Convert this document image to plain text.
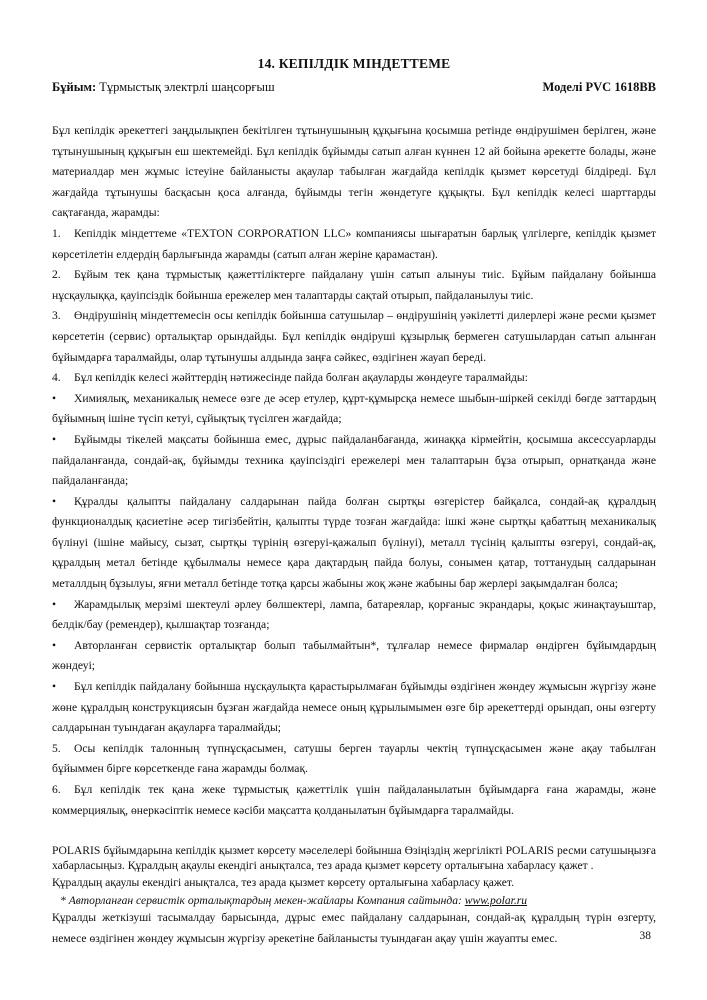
14. КЕПІЛДІК МІНДЕТТЕМЕ
Бұйым: Тұрмыстық электрлі шаңсорғыш	Моделі PVC 1618BB

Бұл кепілдік әрекеттегі заңдылықпен бекітілген тұтынушының құқығына қосымша ретінде өндірушімен берілген, және тұтынушының құқығын еш шектемейді. Бұл кепілдік бұйымды сатып алған күннен 12 ай бойына әрекетте болады, және материалдар мен жұмыс істеуіне байланысты ақаулар табылған жағдайда кепілдік қызмет көрсетуді білдіреді. Бұл жағдайда тұтынушы басқасын қоса алғанда, бұйымды тегін жөндетуге құқықты. Бұл кепілдік келесі шарттарды сақтағанда, жарамды:

1. Кепілдік міндеттеме «TEXTON CORPORATION LLC» компаниясы шығаратын барлық үлгілерге, кепілдік қызмет көрсетілетін елдердің барлығында жарамды (сатып алған жеріне қарамастан).

2. Бұйым тек қана тұрмыстық қажеттіліктерге пайдалану үшін сатып алынуы тиіс. Бұйым пайдалану бойынша нұсқаулыққа, қауіпсіздік бойынша ережелер мен талаптарды сақтай отырып, пайдаланылуы тиіс.

3. Өндірушінің міндеттемесін осы кепілдік бойынша сатушылар – өндірушінің уәкілетті дилерлері және ресми қызмет көрсететін (сервис) орталықтар орындайды. Бұл кепілдік өндіруші құзырлық бермеген сатушылардан сатып алынған бұйымдарға таралмайды, олар тұтынушы алдында заңға сәйкес, өздігінен жауап береді.

4. Бұл кепілдік келесі жәйттердің нәтижесінде пайда болған ақауларды жөндеуге таралмайды:

• Химиялық, механикалық немесе өзге де әсер етулер, құрт-құмырсқа немесе шыбын-шіркей секілді бөгде заттардың бұйымның ішіне түсіп кетуі, сұйықтық түсілген жағдайда;

• Бұйымды тікелей мақсаты бойынша емес, дұрыс пайдаланбағанда, жинаққа кірмейтін, қосымша аксессуарларды пайдаланғанда, сондай-ақ, бұйымды техника қауіпсіздігі ережелері мен талаптарын бұза отырып, орнатқанда және пайдаланғанда;

• Құралды қалыпты пайдалану салдарынан пайда болған сыртқы өзгерістер байқалса, сондай-ақ құралдың функционалдық қасиетіне әсер тигізбейтін, қалыпты түрде тозған жағдайда: ішкі және сыртқы қабаттың механикалық бүлінуі (ішіне майысу, сызат, сыртқы түрінің өзгеруі-қажалып бүлінуі), металл түсінің қалыпты өзгеруі, сондай-ақ, құралдың метал бетінде құбылмалы немесе қара дақтардың пайда болуы, сонымен қатар, тоттанудың салдарынан металлдың бұзылуы, яғни металл бетінде тотқа қарсы жабыны жоқ және жабыны бар жерлері зақымдалған болса;

• Жарамдылық мерзімі шектеулі әрлеу бөлшектері, лампа, батареялар, қорғаныс экрандары, қоқыс жинақтауыштар, белдік/бау (ремендер), қылшақтар тозғанда;

• Авторланған сервистік орталықтар болып табылмайтын*, тұлғалар немесе фирмалар өндірген бұйымдардың жөндеуі;

• Бұл кепілдік пайдалану бойынша нұсқаулықта қарастырылмаған бұйымды өздігінен жөндеу жұмысын жүргізу және жөне құралдың конструкциясын бұзған жағдайда немесе оның құрылымымен өзге бір әрекеттерді орындап, оны өзгерту салдарынан туындаған ақауларға таралмайды;

5. Осы кепілдік талонның түпнұсқасымен, сатушы берген тауарлы чектің түпнұсқасымен және ақау табылған бұйыммен бірге көрсеткенде ғана жарамды болмақ.

6. Бұл кепілдік тек қана жеке тұрмыстық қажеттілік үшін пайдаланылатын бұйымдарға ғана жарамды, және коммерциялық, өнеркәсіптік немесе кәсіби мақсатта қолданылатын бұйымдарға таралмайды.

POLARIS бұйымдарына кепілдік қызмет көрсету мәселелері бойынша Өзіңіздің жергілікті POLARIS ресми сатушыңызға хабарласыңыз. Құралдың ақаулы екендігі анықталса, тез арада қызмет көрсету орталығына хабарласу қажет .

Құралдың ақаулы екендігі анықталса, тез арада қызмет көрсету орталығына хабарласу қажет.

* Авторланған сервистік орталықтардың мекен-жайлары Компания сайтында: www.polar.ru

Құралды жеткізуші тасымалдау барысында, дұрыс емес пайдалану салдарынан, сондай-ақ құралдың түрін өзгерту, немесе өздігінен жөндеу жұмысын жүргізу әрекетіне байланысты туындаған ақау үшін жауапты емес.	38
